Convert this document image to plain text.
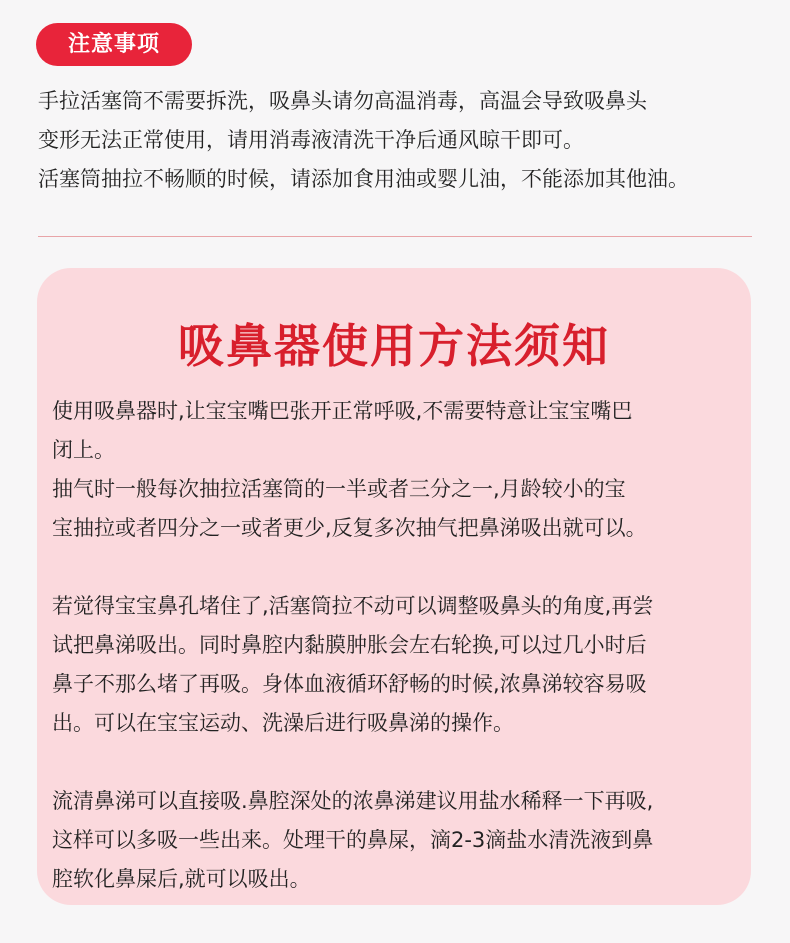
注意事项

手拉活塞筒不需要拆洗，吸鼻头请勿高温消毒，高温会导致吸鼻头

变形无法正常使用，请用消毒液清洗干净后通风晾干即可。

活塞筒抽拉不畅顺的时候，请添加食用油或婴儿油，不能添加其他油。

吸鼻器使用方法须知

使用吸鼻器时,让宝宝嘴巴张开正常呼吸,不需要特意让宝宝嘴巴

闭上。

抽气时一般每次抽拉活塞筒的一半或者三分之一,月龄较小的宝

宝抽拉或者四分之一或者更少,反复多次抽气把鼻涕吸出就可以。

若觉得宝宝鼻孔堵住了,活塞筒拉不动可以调整吸鼻头的角度,再尝

试把鼻涕吸出。同时鼻腔内黏膜肿胀会左右轮换,可以过几小时后

鼻子不那么堵了再吸。身体血液循环舒畅的时候,浓鼻涕较容易吸

出。可以在宝宝运动、洗澡后进行吸鼻涕的操作。

流清鼻涕可以直接吸.鼻腔深处的浓鼻涕建议用盐水稀释一下再吸,

这样可以多吸一些出来。处理干的鼻屎，滴2-3滴盐水清洗液到鼻

腔软化鼻屎后,就可以吸出。
